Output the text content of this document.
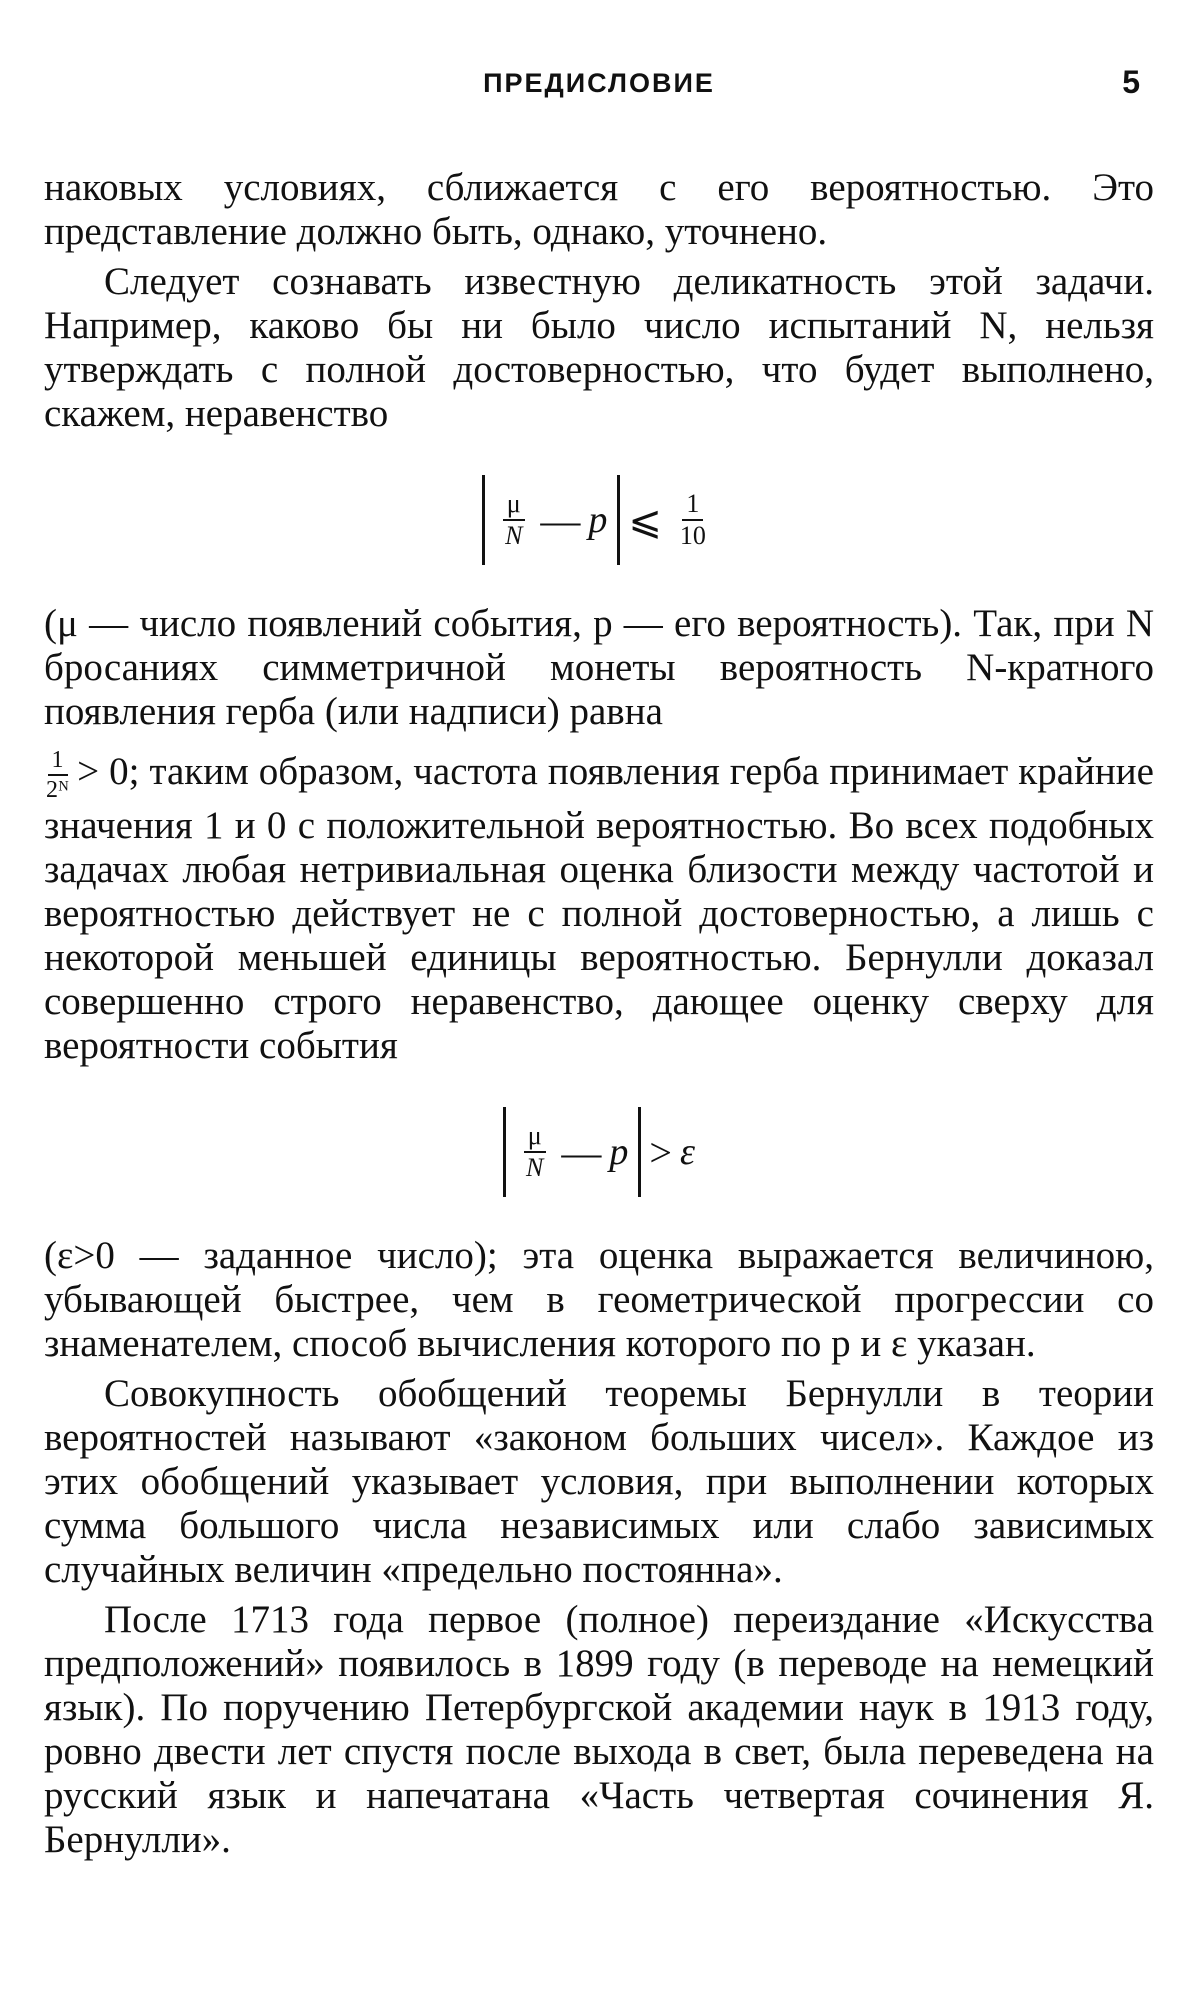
ПРЕДИСЛОВИЕ	5

наковых условиях, сближается с его вероятностью. Это представление должно быть, однако, уточнено.

Следует сознавать известную деликатность этой задачи. Например, каково бы ни было число испытаний N, нельзя утверждать с полной достоверностью, что будет выполнено, скажем, неравенство

$\frac{\mu}{N}$ — p ⩽ $\frac{1}{10}$

(μ — число появлений события, p — его вероятность). Так, при N бросаниях симметричной монеты вероятность N-кратного появления герба (или надписи) равна

$\frac{1}{\text{2ᴺ}} > 0$; таким образом, частота появления герба принимает крайние значения 1 и 0 с положительной вероятностью. Во всех подобных задачах любая нетривиальная оценка близости между частотой и вероятностью действует не с полной достоверностью, а лишь с некоторой меньшей единицы вероятностью. Бернулли доказал совершенно строго неравенство, дающее оценку сверху для вероятности события

$\frac{\mu}{N}$ — p > ε

(ε>0 — заданное число); эта оценка выражается величиною, убывающей быстрее, чем в геометрической прогрессии со знаменателем, способ вычисления которого по p и ε указан.

Совокупность обобщений теоремы Бернулли в теории вероятностей называют «законом больших чисел». Каждое из этих обобщений указывает условия, при выполнении которых сумма большого числа независимых или слабо зависимых случайных величин «предельно постоянна».

После 1713 года первое (полное) переиздание «Искусства предположений» появилось в 1899 году (в переводе на немецкий язык). По поручению Петербургской академии наук в 1913 году, ровно двести лет спустя после выхода в свет, была переведена на русский язык и напечатана «Часть четвертая сочинения Я. Бернулли».
